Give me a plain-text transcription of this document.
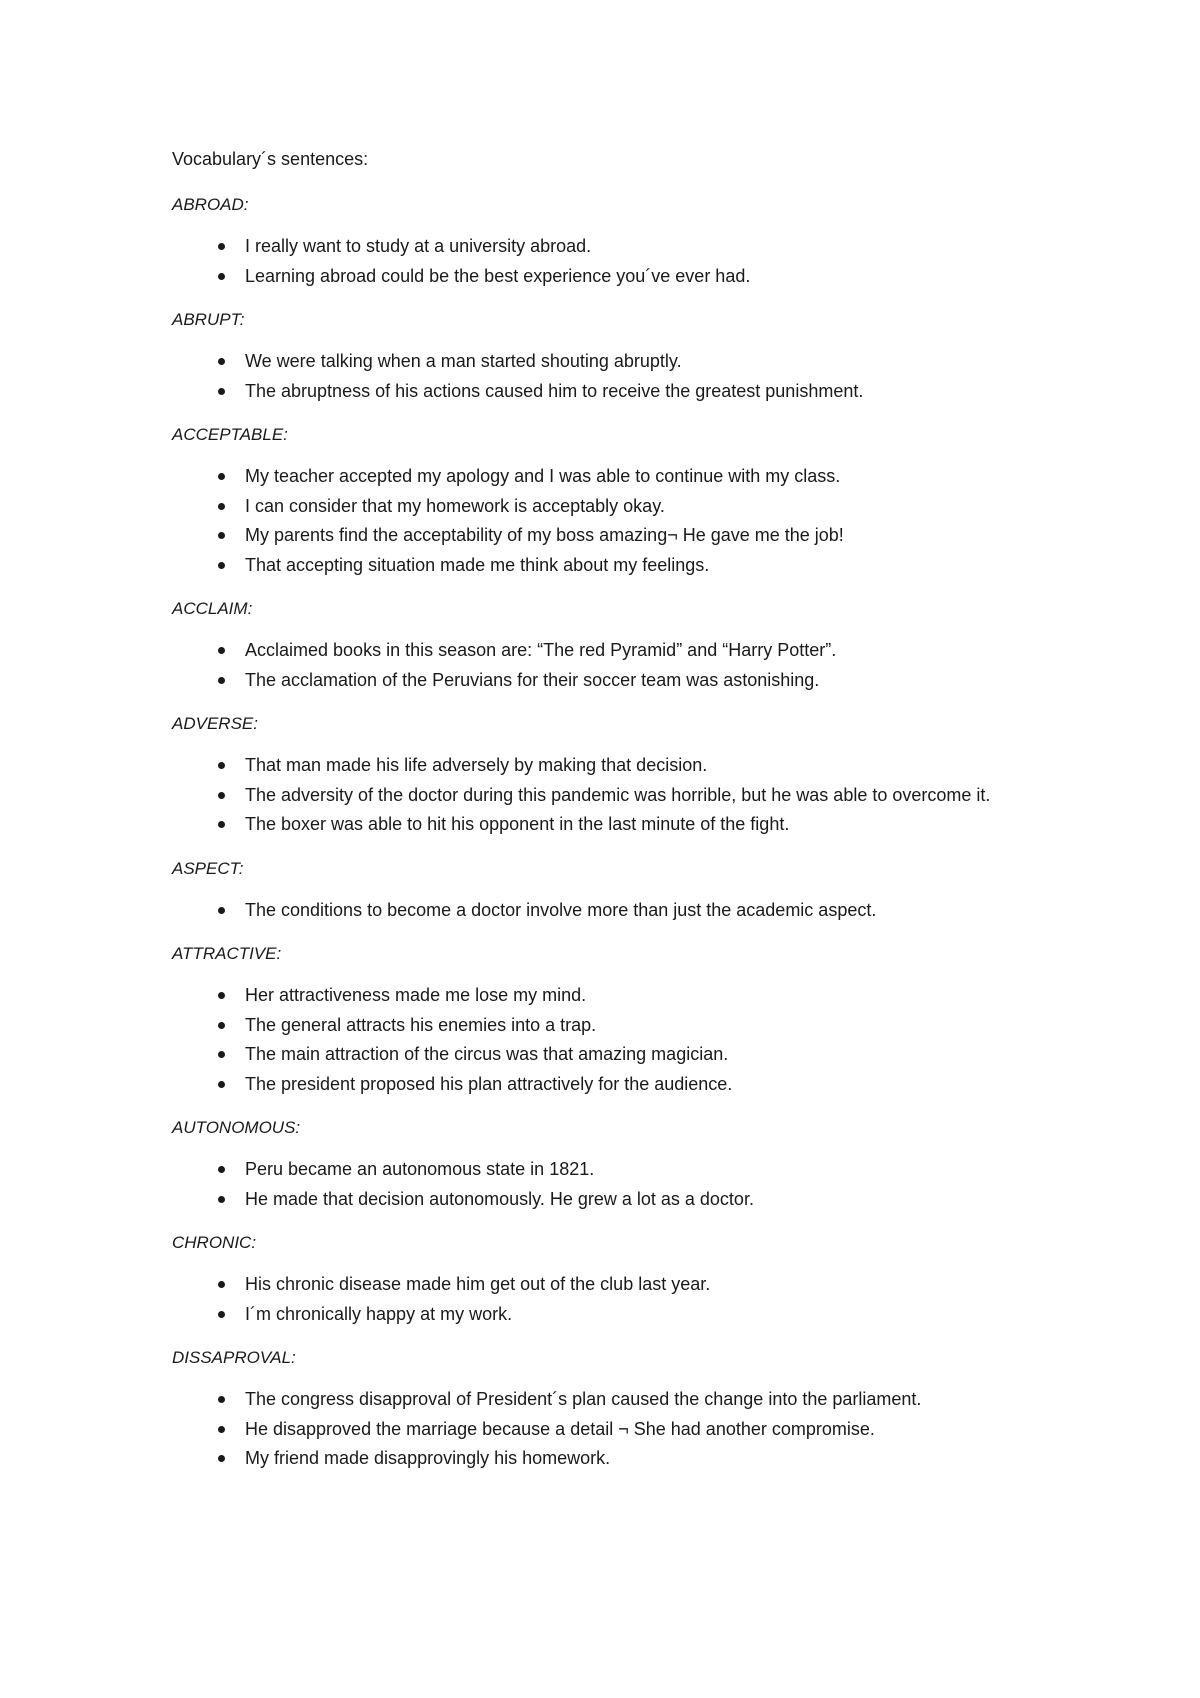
Vocabulary´s sentences:
ABROAD:
I really want to study at a university abroad.
Learning abroad could be the best experience you´ve ever had.
ABRUPT:
We were talking when a man started shouting abruptly.
The abruptness of his actions caused him to receive the greatest punishment.
ACCEPTABLE:
My teacher accepted my apology and I was able to continue with my class.
I can consider that my homework is acceptably okay.
My parents find the acceptability of my boss amazing¬ He gave me the job!
That accepting situation made me think about my feelings.
ACCLAIM:
Acclaimed books in this season are: “The red Pyramid” and “Harry Potter”.
The acclamation of the Peruvians for their soccer team was astonishing.
ADVERSE:
That man made his life adversely by making that decision.
The adversity of the doctor during this pandemic was horrible, but he was able to overcome it.
The boxer was able to hit his opponent in the last minute of the fight.
ASPECT:
The conditions to become a doctor involve more than just the academic aspect.
ATTRACTIVE:
Her attractiveness made me lose my mind.
The general attracts his enemies into a trap.
The main attraction of the circus was that amazing magician.
The president proposed his plan attractively for the audience.
AUTONOMOUS:
Peru became an autonomous state in 1821.
He made that decision autonomously. He grew a lot as a doctor.
CHRONIC:
His chronic disease made him get out of the club last year.
I´m chronically happy at my work.
DISSAPROVAL:
The congress disapproval of President´s plan caused the change into the parliament.
He disapproved the marriage because a detail ¬ She had another compromise.
My friend made disapprovingly his homework.
